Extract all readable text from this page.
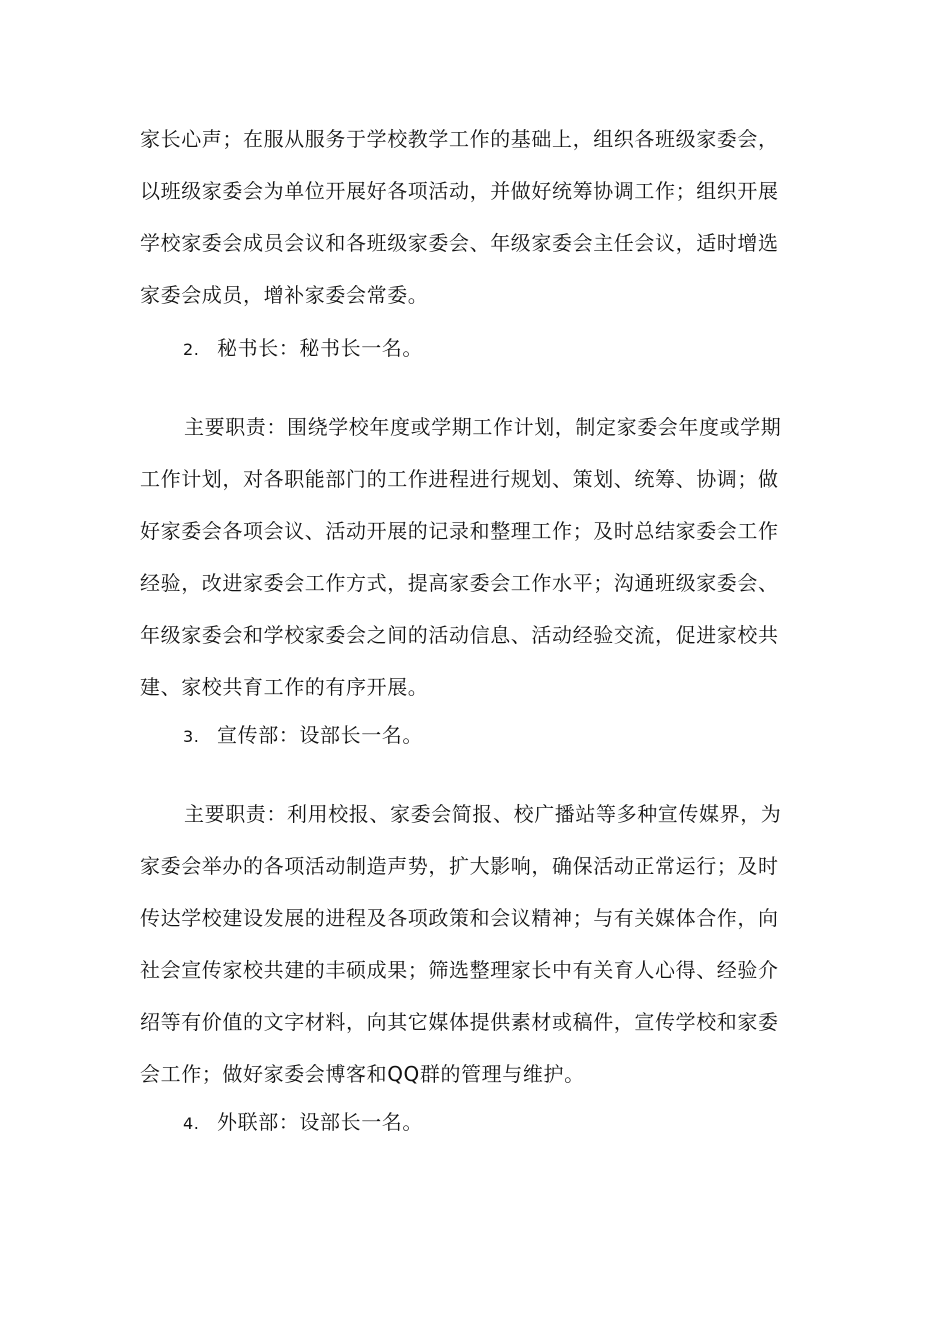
家长心声；在服从服务于学校教学工作的基础上，组织各班级家委会，
以班级家委会为单位开展好各项活动，并做好统筹协调工作；组织开展
学校家委会成员会议和各班级家委会、年级家委会主任会议，适时增选
家委会成员，增补家委会常委。
2. 秘书长：秘书长一名。
主要职责：围绕学校年度或学期工作计划，制定家委会年度或学期
工作计划，对各职能部门的工作进程进行规划、策划、统筹、协调；做
好家委会各项会议、活动开展的记录和整理工作；及时总结家委会工作
经验，改进家委会工作方式，提高家委会工作水平；沟通班级家委会、
年级家委会和学校家委会之间的活动信息、活动经验交流，促进家校共
建、家校共育工作的有序开展。
3. 宣传部：设部长一名。
主要职责：利用校报、家委会简报、校广播站等多种宣传媒界，为
家委会举办的各项活动制造声势，扩大影响，确保活动正常运行；及时
传达学校建设发展的进程及各项政策和会议精神；与有关媒体合作，向
社会宣传家校共建的丰硕成果；筛选整理家长中有关育人心得、经验介
绍等有价值的文字材料，向其它媒体提供素材或稿件，宣传学校和家委
会工作；做好家委会博客和QQ群的管理与维护。
4. 外联部：设部长一名。
